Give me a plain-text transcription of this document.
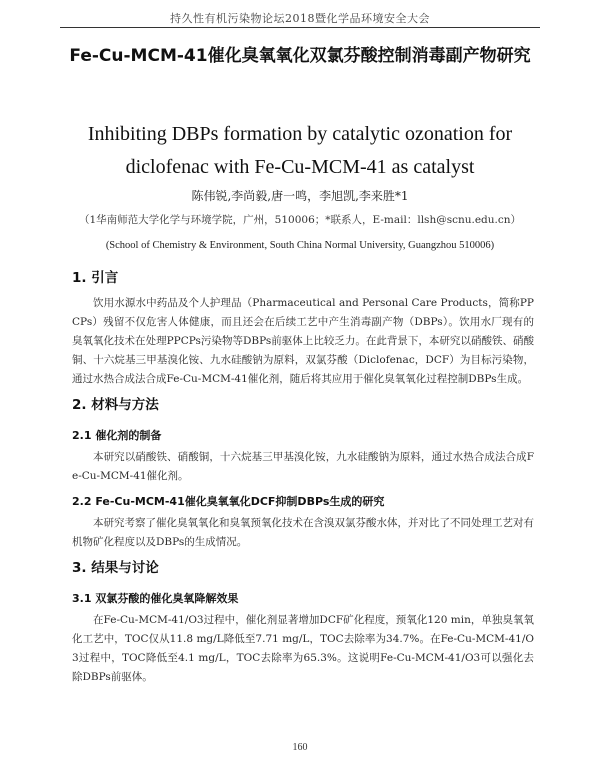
持久性有机污染物论坛2018暨化学品环境安全大会
Fe-Cu-MCM-41催化臭氧氧化双氯芬酸控制消毒副产物研究
Inhibiting DBPs formation by catalytic ozonation for diclofenac with Fe-Cu-MCM-41 as catalyst
陈伟锐,李尚毅,唐一鸣，李旭凯,李来胜*1
（1华南师范大学化学与环境学院，广州，510006；*联系人，E-mail：llsh@scnu.edu.cn）
(School of Chemistry & Environment, South China Normal University, Guangzhou 510006)
1. 引言
饮用水源水中药品及个人护理品（Pharmaceutical and Personal Care Products，简称PPCPs）残留不仅危害人体健康，而且还会在后续工艺中产生消毒副产物（DBPs）。饮用水厂现有的臭氧氧化技术在处理PPCPs污染物等DBPs前驱体上比较乏力。在此背景下，本研究以硝酸铁、硝酸铜、十六烷基三甲基溴化铵、九水硅酸钠为原料，双氯芬酸（Diclofenac，DCF）为目标污染物，通过水热合成法合成Fe-Cu-MCM-41催化剂，随后将其应用于催化臭氧氧化过程控制DBPs生成。
2. 材料与方法
2.1 催化剂的制备
本研究以硝酸铁、硝酸铜，十六烷基三甲基溴化铵，九水硅酸钠为原料，通过水热合成法合成Fe-Cu-MCM-41催化剂。
2.2 Fe-Cu-MCM-41催化臭氧氧化DCF抑制DBPs生成的研究
本研究考察了催化臭氧氧化和臭氧预氧化技术在含溴双氯芬酸水体，并对比了不同处理工艺对有机物矿化程度以及DBPs的生成情况。
3. 结果与讨论
3.1 双氯芬酸的催化臭氧降解效果
在Fe-Cu-MCM-41/O3过程中，催化剂显著增加DCF矿化程度，预氧化120 min，单独臭氧氧化工艺中，TOC仅从11.8 mg/L降低至7.71 mg/L，TOC去除率为34.7%。在Fe-Cu-MCM-41/O3过程中，TOC降低至4.1 mg/L，TOC去除率为65.3%。这说明Fe-Cu-MCM-41/O3可以强化去除DBPs前驱体。
160
